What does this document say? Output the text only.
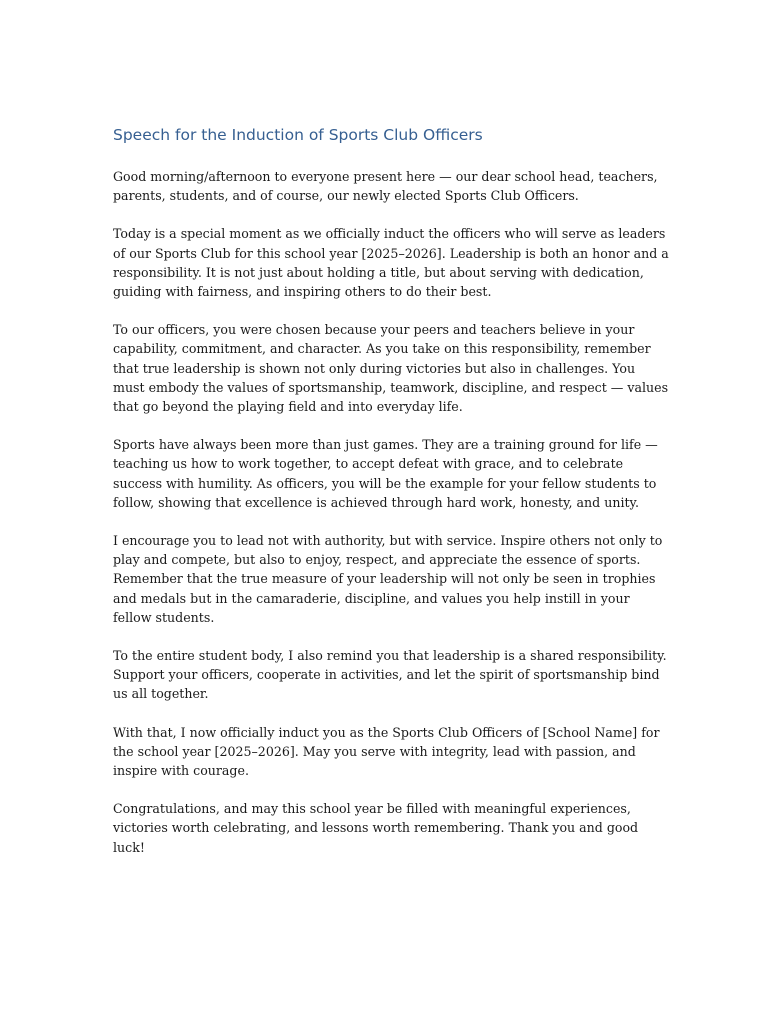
Speech for the Induction of Sports Club Officers

Good morning/afternoon to everyone present here — our dear school head, teachers, parents, students, and of course, our newly elected Sports Club Officers.

Today is a special moment as we officially induct the officers who will serve as leaders of our Sports Club for this school year [2025–2026]. Leadership is both an honor and a responsibility. It is not just about holding a title, but about serving with dedication, guiding with fairness, and inspiring others to do their best.

To our officers, you were chosen because your peers and teachers believe in your capability, commitment, and character. As you take on this responsibility, remember that true leadership is shown not only during victories but also in challenges. You must embody the values of sportsmanship, teamwork, discipline, and respect — values that go beyond the playing field and into everyday life.

Sports have always been more than just games. They are a training ground for life — teaching us how to work together, to accept defeat with grace, and to celebrate success with humility. As officers, you will be the example for your fellow students to follow, showing that excellence is achieved through hard work, honesty, and unity.

I encourage you to lead not with authority, but with service. Inspire others not only to play and compete, but also to enjoy, respect, and appreciate the essence of sports. Remember that the true measure of your leadership will not only be seen in trophies and medals but in the camaraderie, discipline, and values you help instill in your fellow students.

To the entire student body, I also remind you that leadership is a shared responsibility. Support your officers, cooperate in activities, and let the spirit of sportsmanship bind us all together.

With that, I now officially induct you as the Sports Club Officers of [School Name] for the school year [2025–2026]. May you serve with integrity, lead with passion, and inspire with courage.

Congratulations, and may this school year be filled with meaningful experiences, victories worth celebrating, and lessons worth remembering. Thank you and good luck!
